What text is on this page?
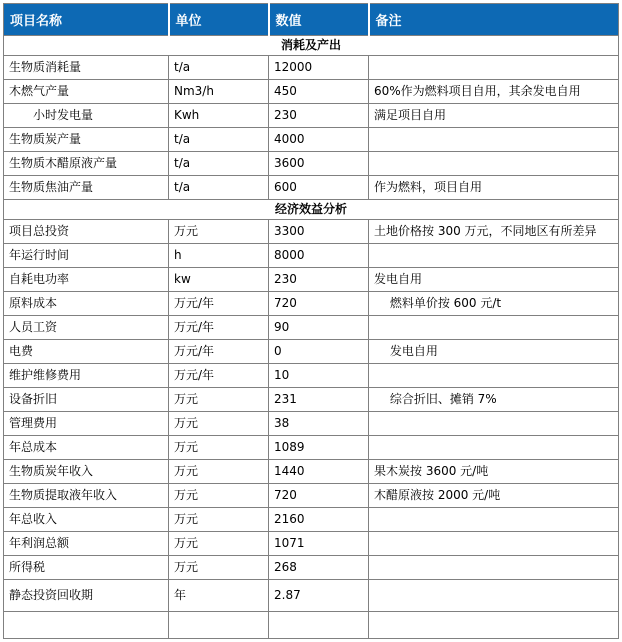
项目名称	单位	数值	备注
消耗及产出			
生物质消耗量	t/a	12000	
木燃气产量	Nm3/h	450	60%作为燃料项目自用，其余发电自用
　　小时发电量	Kwh	230	满足项目自用
生物质炭产量	t/a	4000	
生物质木醋原液产量	t/a	3600	
生物质焦油产量	t/a	600	作为燃料，项目自用
经济效益分析			
项目总投资	万元	3300	土地价格按 300 万元，不同地区有所差异
年运行时间	h	8000	
自耗电功率	kw	230	发电自用
原料成本	万元/年	720	　 燃料单价按 600 元/t
人员工资	万元/年	90	
电费	万元/年	0	　 发电自用
维护维修费用	万元/年	10	
设备折旧	万元	231	　 综合折旧、摊销 7%
管理费用	万元	38	
年总成本	万元	1089	
生物质炭年收入	万元	1440	果木炭按 3600 元/吨
生物质提取液年收入	万元	720	木醋原液按 2000 元/吨
年总收入	万元	2160	
年利润总额	万元	1071	
所得税	万元	268	
静态投资回收期	年	2.87	
